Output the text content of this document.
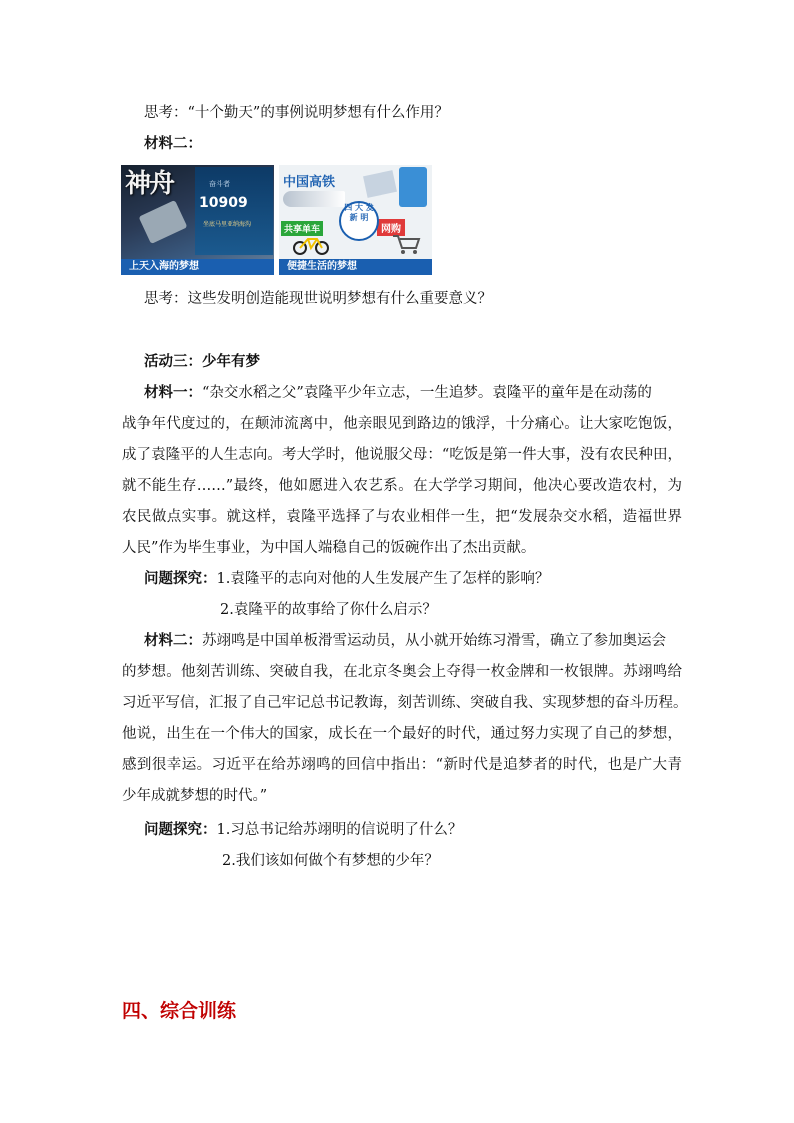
思考：“十个勤天”的事例说明梦想有什么作用？
材料二：
神舟	奋斗者
10909
坐底马里亚纳海沟
上天入海的梦想
中国高铁
共享单车	网购
四 大 发 新 明
便捷生活的梦想
思考：这些发明创造能现世说明梦想有什么重要意义？
活动三：少年有梦
材料一：“杂交水稻之父”袁隆平少年立志，一生追梦。袁隆平的童年是在动荡的
战争年代度过的，在颠沛流离中，他亲眼见到路边的饿浮，十分痛心。让大家吃饱饭，
成了袁隆平的人生志向。考大学时，他说服父母：“吃饭是第一件大事，没有农民种田，
就不能生存……”最终，他如愿进入农艺系。在大学学习期间，他决心要改造农村，为
农民做点实事。就这样，袁隆平选择了与农业相伴一生，把“发展杂交水稻，造福世界
人民”作为毕生事业，为中国人端稳自己的饭碗作出了杰出贡献。
问题探究：1.袁隆平的志向对他的人生发展产生了怎样的影响？
2.袁隆平的故事给了你什么启示？
材料二：苏翊鸣是中国单板滑雪运动员，从小就开始练习滑雪，确立了参加奥运会
的梦想。他刻苦训练、突破自我，在北京冬奥会上夺得一枚金牌和一枚银牌。苏翊鸣给
习近平写信，汇报了自己牢记总书记教诲，刻苦训练、突破自我、实现梦想的奋斗历程。
他说，出生在一个伟大的国家，成长在一个最好的时代，通过努力实现了自己的梦想，
感到很幸运。习近平在给苏翊鸣的回信中指出：“新时代是追梦者的时代，也是广大青
少年成就梦想的时代。”
问题探究：1.习总书记给苏翊明的信说明了什么？
2.我们该如何做个有梦想的少年？
四、综合训练
